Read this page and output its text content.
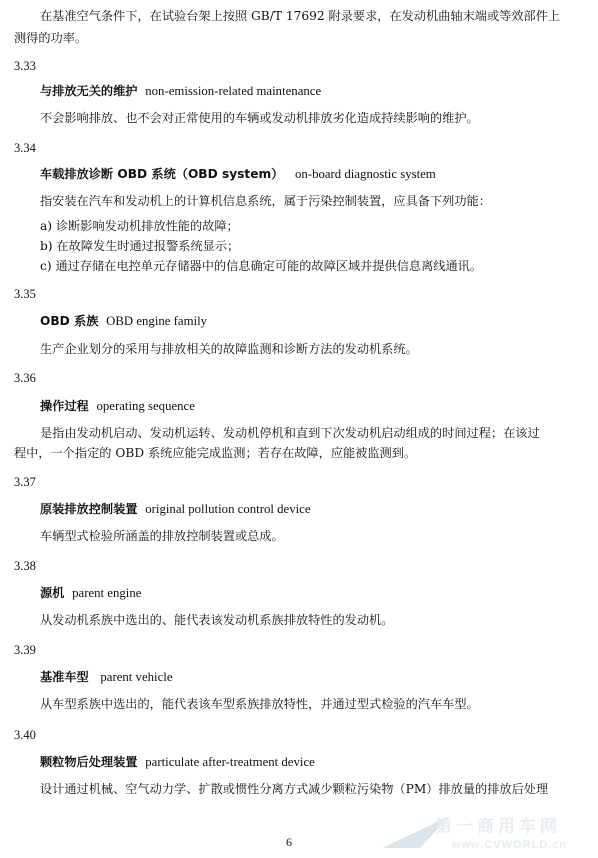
在基准空气条件下，在试验台架上按照 GB/T 17692 附录要求，在发动机曲轴末端或等效部件上
测得的功率。
3.33
与排放无关的维护 non-emission-related maintenance
不会影响排放、也不会对正常使用的车辆或发动机排放劣化造成持续影响的维护。
3.34
车载排放诊断 OBD 系统（OBD system） on-board diagnostic system
指安装在汽车和发动机上的计算机信息系统，属于污染控制装置，应具备下列功能：
a) 诊断影响发动机排放性能的故障；
b) 在故障发生时通过报警系统显示；
c) 通过存储在电控单元存储器中的信息确定可能的故障区域并提供信息离线通讯。
3.35
OBD 系族 OBD engine family
生产企业划分的采用与排放相关的故障监测和诊断方法的发动机系统。
3.36
操作过程 operating sequence
是指由发动机启动、发动机运转、发动机停机和直到下次发动机启动组成的时间过程；在该过
程中，一个指定的 OBD 系统应能完成监测；若存在故障，应能被监测到。
3.37
原装排放控制装置 original pollution control device
车辆型式检验所涵盖的排放控制装置或总成。
3.38
源机 parent engine
从发动机系族中选出的、能代表该发动机系族排放特性的发动机。
3.39
基准车型 parent vehicle
从车型系族中选出的，能代表该车型系族排放特性，并通过型式检验的汽车车型。
3.40
颗粒物后处理装置 particulate after-treatment device
设计通过机械、空气动力学、扩散或惯性分离方式减少颗粒污染物（PM）排放量的排放后处理
第一商用车网
www.CVWORLD.cn
6
